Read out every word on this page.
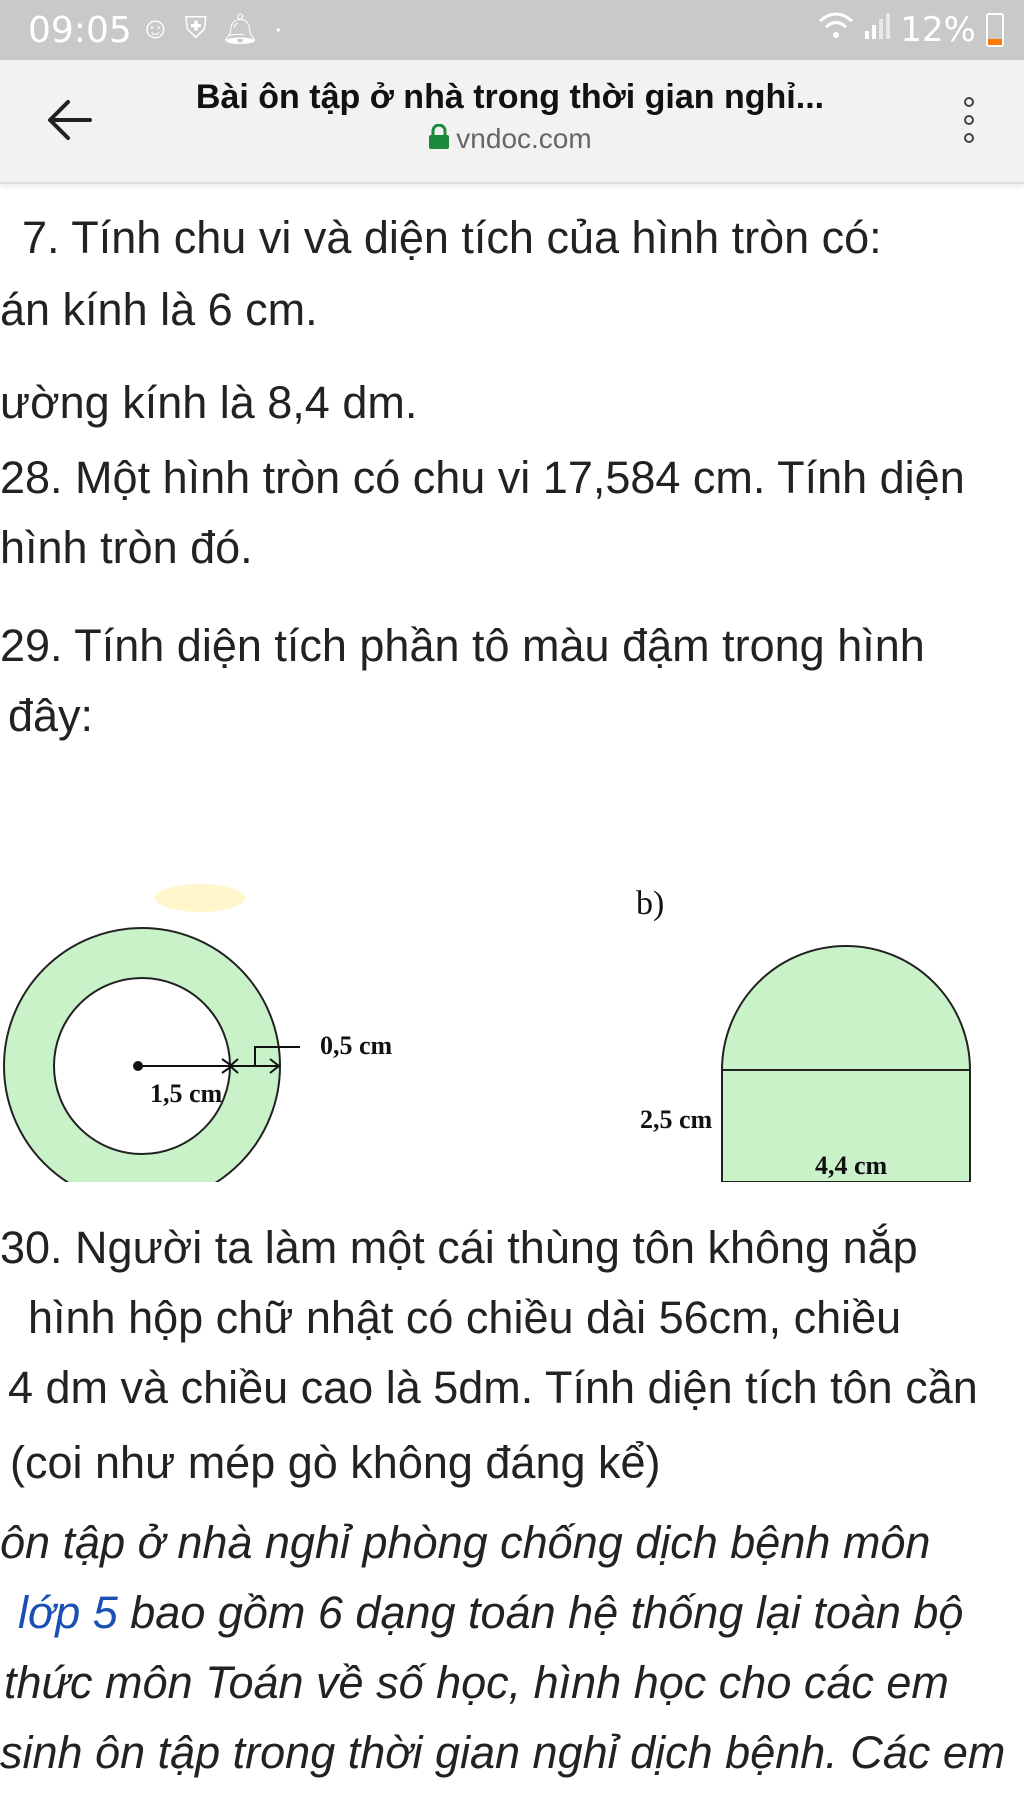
09:05 ☺ ⛨ 🔔︎ ·	12%
Bài ôn tập ở nhà trong thời gian nghỉ...
vndoc.com
7. Tính chu vi và diện tích của hình tròn có:
án kính là 6 cm.
ường kính là 8,4 dm.
28. Một hình tròn có chu vi 17,584 cm. Tính diện
hình tròn đó.
29. Tính diện tích phần tô màu đậm trong hình
đây:
1,5 cm
0,5 cm
b)
2,5 cm
4,4 cm
30. Người ta làm một cái thùng tôn không nắp
hình hộp chữ nhật có chiều dài 56cm, chiều
4 dm và chiều cao là 5dm. Tính diện tích tôn cần
(coi như mép gò không đáng kể)
ôn tập ở nhà nghỉ phòng chống dịch bệnh môn
lớp 5 bao gồm 6 dạng toán hệ thống lại toàn bộ
thức môn Toán về số học, hình học cho các em
sinh ôn tập trong thời gian nghỉ dịch bệnh. Các em
